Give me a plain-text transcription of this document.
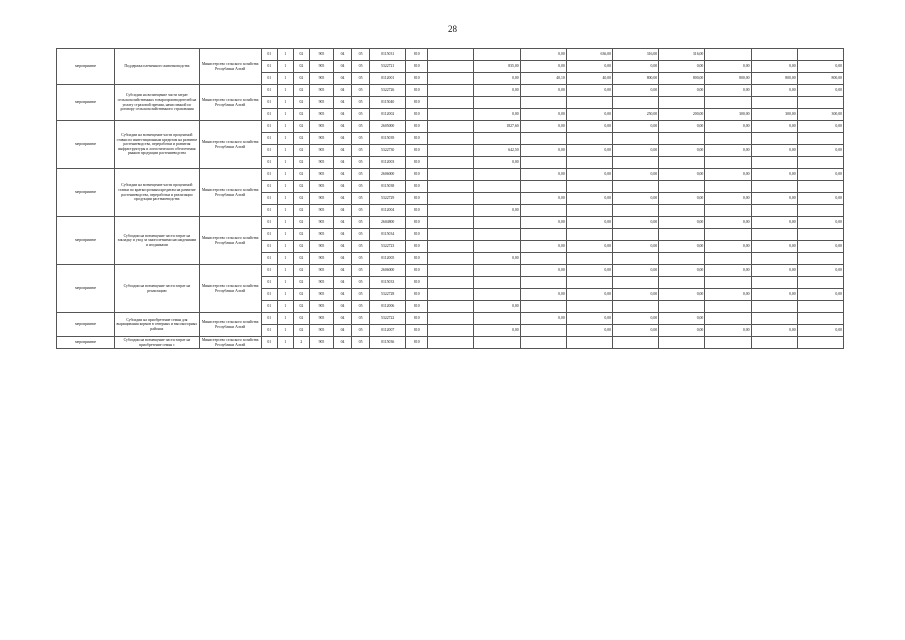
28
мероприятие	Поддержка племенного животноводства	Министерство сельского хозяйства Республики Алтай	01	1	02	905	04	05	0115031	810			0,00	636,00	316,00	316,00			
			01	1	02	905	04	05	5322721	810		835,00	0,00	0,00	0,00	0,00	0,00	0,00	0,00
			01	1	02	905	04	05	0112001	810		0,00	40,10	40,00	800,00	800,00	800,00	800,00	800,00
мероприятие	Субсидии на возмещение части затрат сельскохозяйственных товаропроизводителей на уплату страховой премии, начисленной по договору сельскохозяйственного страхования	Министерство сельского хозяйства Республики Алтай	01	1	02	905	04	05	5322726	810		0,00	0,00	0,00	0,00	0,00	0,00	0,00	0,00
			01	1	02	905	04	05	0115040	810									
			01	1	02	905	04	05	0112002	810		0,00	0,00	0,00	250,00	200,00	300,00	300,00	300,00
мероприятие	Субсидии на возмещение части процентной ставки по инвестиционным кредитам на развитие растениеводства, переработки и развития инфраструктуры и логистического обеспечения рынков продукции растениеводства	Министерство сельского хозяйства Республики Алтай	01	1	02	905	04	05	2605000	810		1827,60	0,00	0,00	0,00	0,00	0,00	0,00	0,00
			01	1	02	905	04	05	0115039	810									
			01	1	02	905	04	05	5322730	810		642,50	0,00	0,00	0,00	0,00	0,00	0,00	0,00
			01	1	02	905	04	05	0112003	810		0,00							
мероприятие	Субсидии на возмещение части процентной ставки по краткосрочным кредитам на развитие растениеводства, переработки и реализации продукции растениеводства	Министерство сельского хозяйства Республики Алтай	01	1	02	905	04	05	2606000	810			0,00	0,00	0,00	0,00	0,00	0,00	0,00
			01	1	02	905	04	05	0115038	810									
			01	1	02	905	04	05	5322729	810			0,00	0,00	0,00	0,00	0,00	0,00	0,00
			01	1	02	905	04	05	0112004	810		0,00							
мероприятие	Субсидии на возмещение части затрат на закладку и уход за многолетними насаждениями и ягодниками	Министерство сельского хозяйства Республики Алтай	01	1	02	905	04	05	2604800	810			0,00	0,00	0,00	0,00	0,00	0,00	0,00
			01	1	02	905	04	05	0115034	810									
			01	1	02	905	04	05	5322723	810			0,00	0,00	0,00	0,00	0,00	0,00	0,00
			01	1	02	905	04	05	0112005	810		0,00							
мероприятие	Субсидии на возмещение части затрат на реализацию	Министерство сельского хозяйства Республики Алтай	01	1	02	905	04	05	2606000	810			0,00	0,00	0,00	0,00	0,00	0,00	0,00
			01	1	02	905	04	05	0115033	810									
			01	1	02	905	04	05	5322728	810			0,00	0,00	0,00	0,00	0,00	0,00	0,00
			01	1	02	905	04	05	0112006	810		0,00							
мероприятие	Субсидии на приобретение семян для выращивания кормов в северных и высокогорных районах	Министерство сельского хозяйства Республики Алтай	01	1	02	905	04	05	5322722	810			0,00	0,00	0,00	0,00			
			01	1	02	905	04	05	0112007	810		0,00		0,00	0,00	0,00	0,00	0,00	0,00
мероприятие	Субсидии на возмещение части затрат на приобретение семян с	Министерство сельского хозяйства Республики Алтай	01	1	2	905	04	05	0115036	810									
